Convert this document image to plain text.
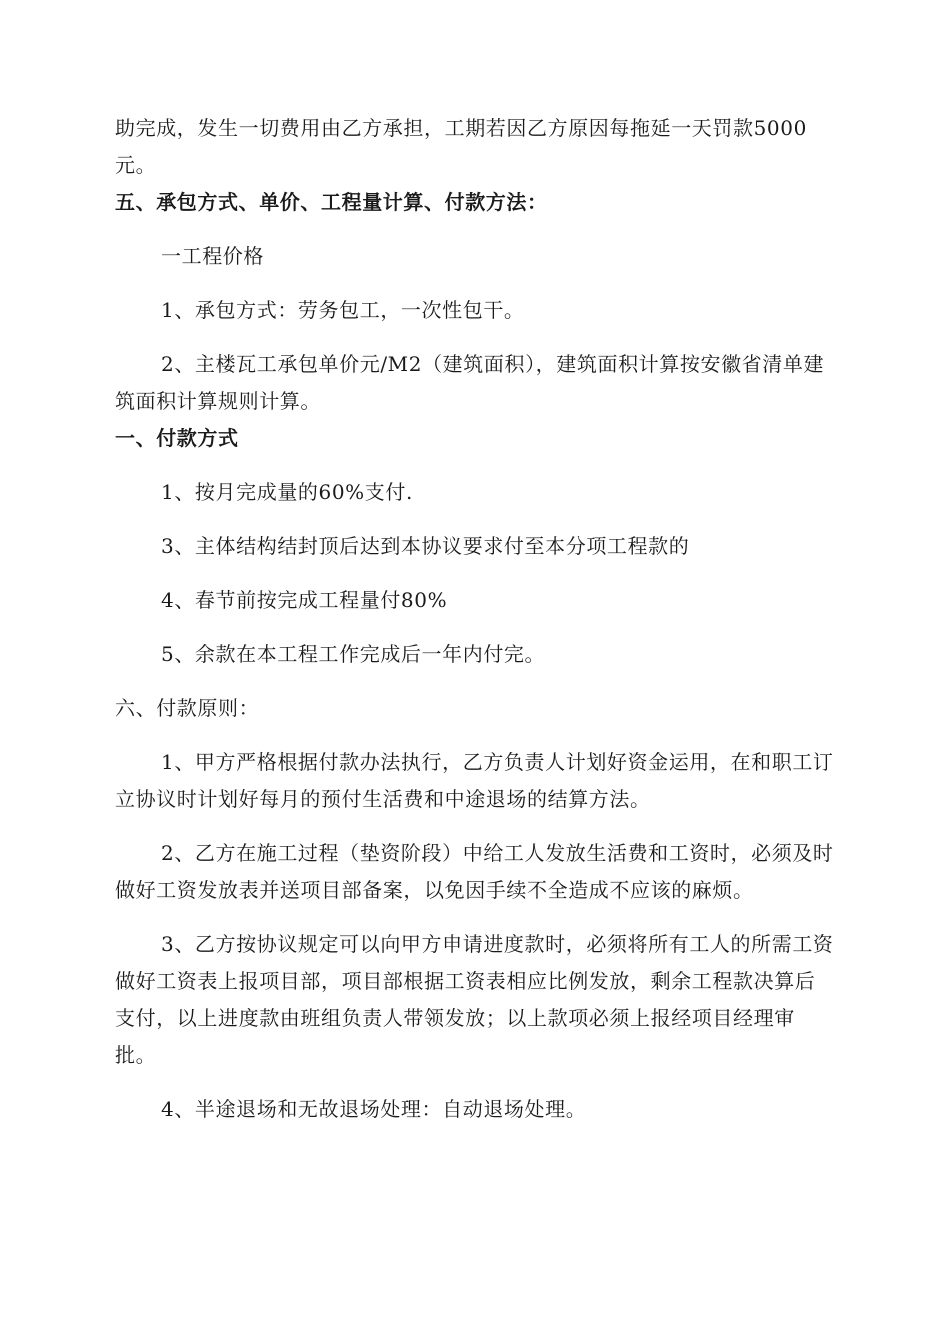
助完成，发生一切费用由乙方承担，工期若因乙方原因每拖延一天罚款5000元。

五、承包方式、单价、工程量计算、付款方法：

一工程价格

1、承包方式：劳务包工，一次性包干。

2、主楼瓦工承包单价元/M2（建筑面积），建筑面积计算按安徽省清单建筑面积计算规则计算。

一、付款方式

1、按月完成量的60%支付.

3、主体结构结封顶后达到本协议要求付至本分项工程款的

4、春节前按完成工程量付80%

5、余款在本工程工作完成后一年内付完。

六、付款原则：

1、甲方严格根据付款办法执行，乙方负责人计划好资金运用，在和职工订立协议时计划好每月的预付生活费和中途退场的结算方法。

2、乙方在施工过程（垫资阶段）中给工人发放生活费和工资时，必须及时做好工资发放表并送项目部备案，以免因手续不全造成不应该的麻烦。

3、乙方按协议规定可以向甲方申请进度款时，必须将所有工人的所需工资做好工资表上报项目部，项目部根据工资表相应比例发放，剩余工程款决算后支付，以上进度款由班组负责人带领发放；以上款项必须上报经项目经理审批。

4、半途退场和无故退场处理：自动退场处理。
